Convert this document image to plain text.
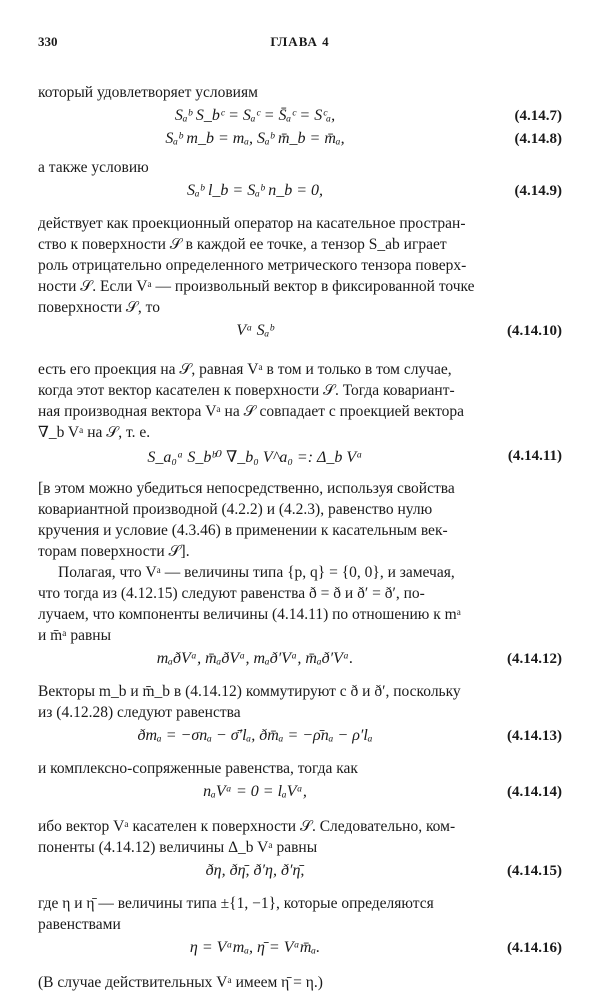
330	ГЛАВА 4

который удовлетворяет условиям

Sₐᵇ S_bᶜ = Sₐᶜ = S̄ₐᶜ = Sᶜₐ,	(4.14.7)
Sₐᵇ m_b = mₐ, Sₐᵇ m̄_b = m̄ₐ,	(4.14.8)

а также условию

Sₐᵇ l_b = Sₐᵇ n_b = 0,	(4.14.9)

действует как проекционный оператор на касательное простран-
ство к поверхности 𝒮 в каждой ее точке, а тензор S_ab играет
роль отрицательно определенного метрического тензора поверх-
ности 𝒮. Если Vᵃ — произвольный вектор в фиксированной точке
поверхности 𝒮, то

Vᵃ Sₐᵇ	(4.14.10)

есть его проекция на 𝒮, равная Vᵃ в том и только в том случае,
когда этот вектор касателен к поверхности 𝒮. Тогда ковариант-
ная производная вектора Vᵃ на 𝒮 совпадает с проекцией вектора
∇_b Vᵃ на 𝒮, т. е.

S_a₀ᵃ S_bᵇ⁰ ∇_b₀ V^a₀ =: Δ_b Vᵃ	(4.14.11)

[в этом можно убедиться непосредственно, используя свойства
ковариантной производной (4.2.2) и (4.2.3), равенство нулю
кручения и условие (4.3.46) в применении к касательным век-
торам поверхности 𝒮].

Полагая, что Vᵃ — величины типа {p, q} = {0, 0}, и замечая,
что тогда из (4.12.15) следуют равенства ð = ð и ð′ = ð′, по-
лучаем, что компоненты величины (4.14.11) по отношению к mᵃ
и m̄ᵃ равны

mₐðVᵃ, m̄ₐðVᵃ, mₐð′Vᵃ, m̄ₐð′Vᵃ.	(4.14.12)

Векторы m_b и m̄_b в (4.14.12) коммутируют с ð и ð′, поскольку
из (4.12.28) следуют равенства

ðmₐ = −σnₐ − σ̄′lₐ, ðm̄ₐ = −ρ̄nₐ − ρ′lₐ	(4.14.13)

и комплексно-сопряженные равенства, тогда как

nₐVᵃ = 0 = lₐVᵃ,	(4.14.14)

ибо вектор Vᵃ касателен к поверхности 𝒮. Следовательно, ком-
поненты (4.14.12) величины Δ_b Vᵃ равны

ðη, ðη̄, ð′η, ð′η̄,	(4.14.15)

где η и η̄ — величины типа ±{1, −1}, которые определяются
равенствами

η = Vᵃmₐ, η̄ = Vᵃm̄ₐ.	(4.14.16)

(В случае действительных Vᵃ имеем η̄ = η.)
